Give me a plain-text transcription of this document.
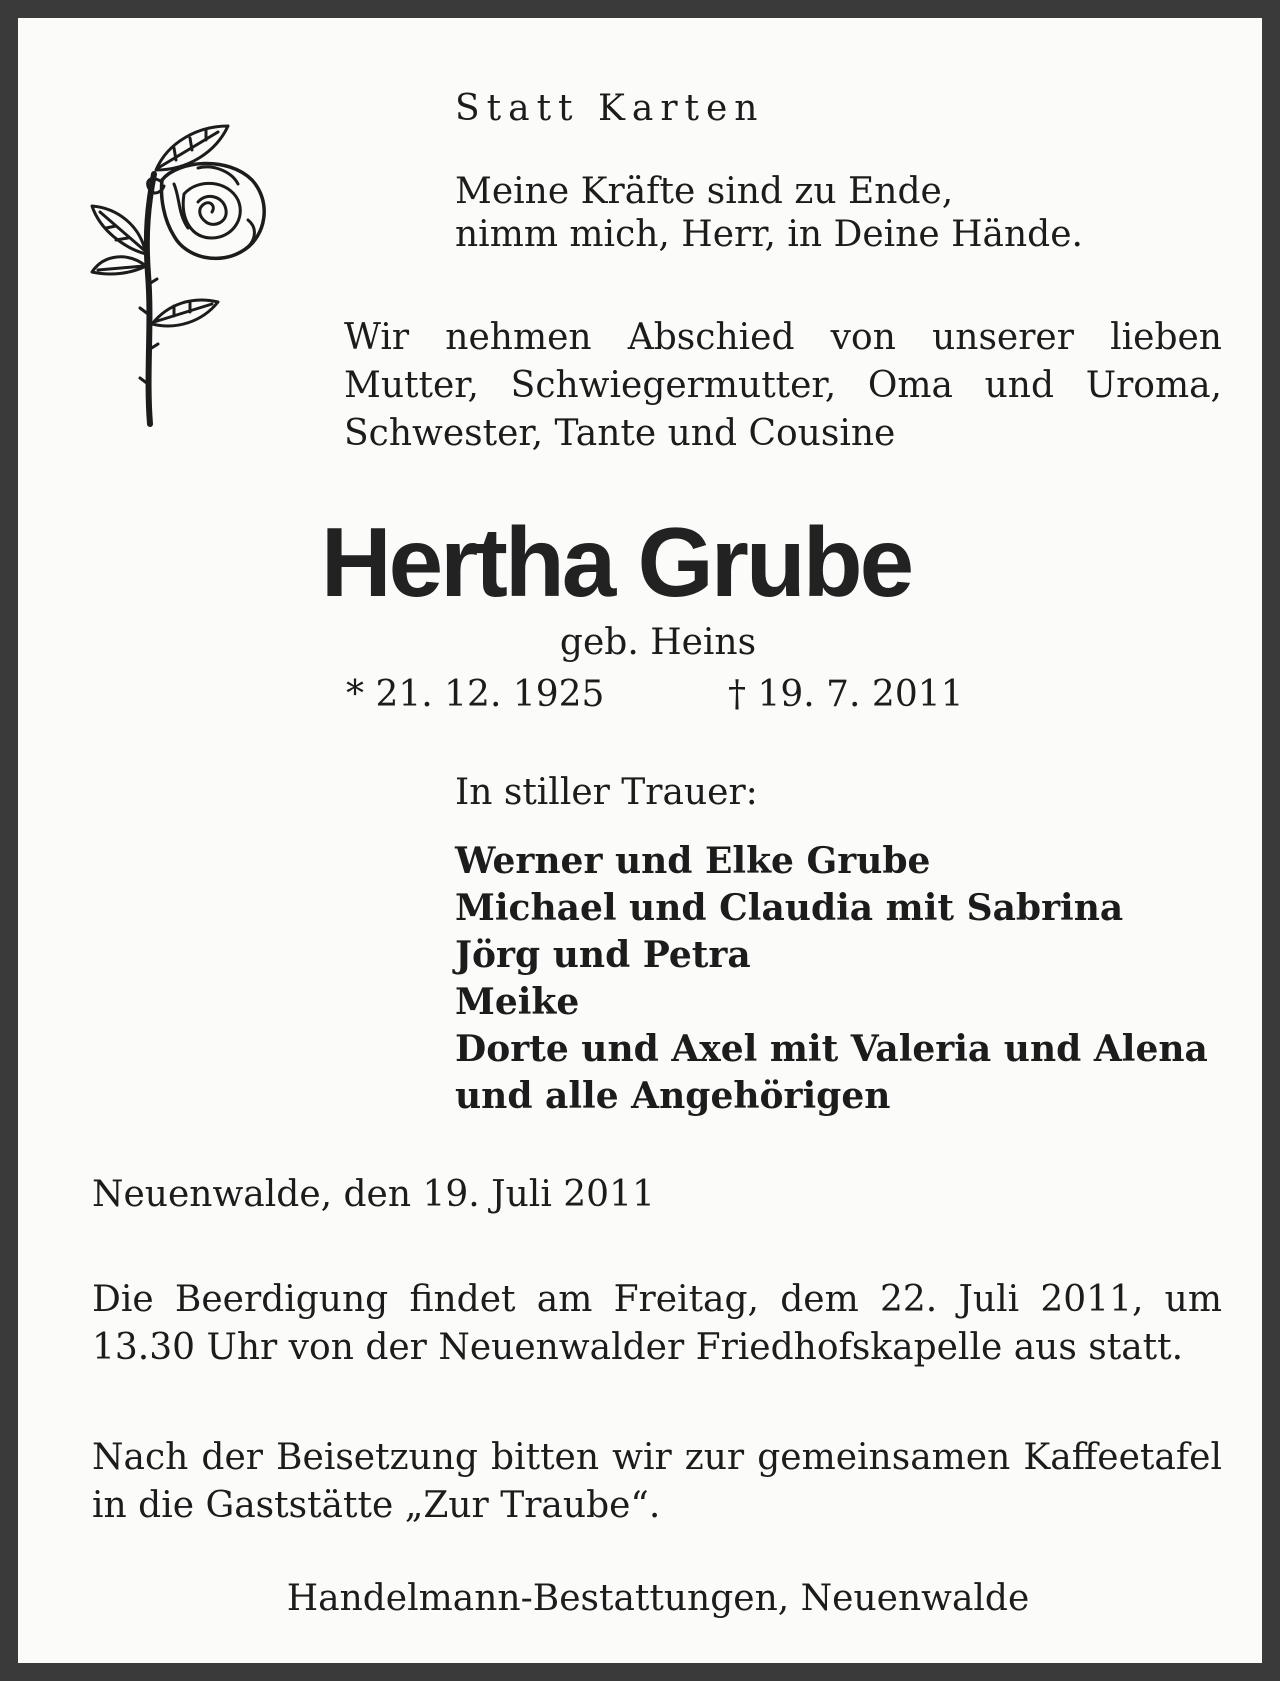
Statt Karten

Meine Kräfte sind zu Ende,
nimm mich, Herr, in Deine Hände.
Wir nehmen Abschied von unserer lieben
Mutter, Schwiegermutter, Oma und Uroma,
Schwester, Tante und Cousine
Hertha Grube
geb. Heins
* 21. 12. 1925	† 19. 7. 2011
In stiller Trauer:
Werner und Elke Grube
Michael und Claudia mit Sabrina
Jörg und Petra
Meike
Dorte und Axel mit Valeria und Alena
und alle Angehörigen
Neuenwalde, den 19. Juli 2011

Die Beerdigung findet am Freitag, dem 22. Juli 2011, um 13.30 Uhr von der Neuenwalder Friedhofskapelle aus statt.

Nach der Beisetzung bitten wir zur gemeinsamen Kaffeetafel in die Gaststätte „Zur Traube“.

Handelmann-Bestattungen, Neuenwalde
